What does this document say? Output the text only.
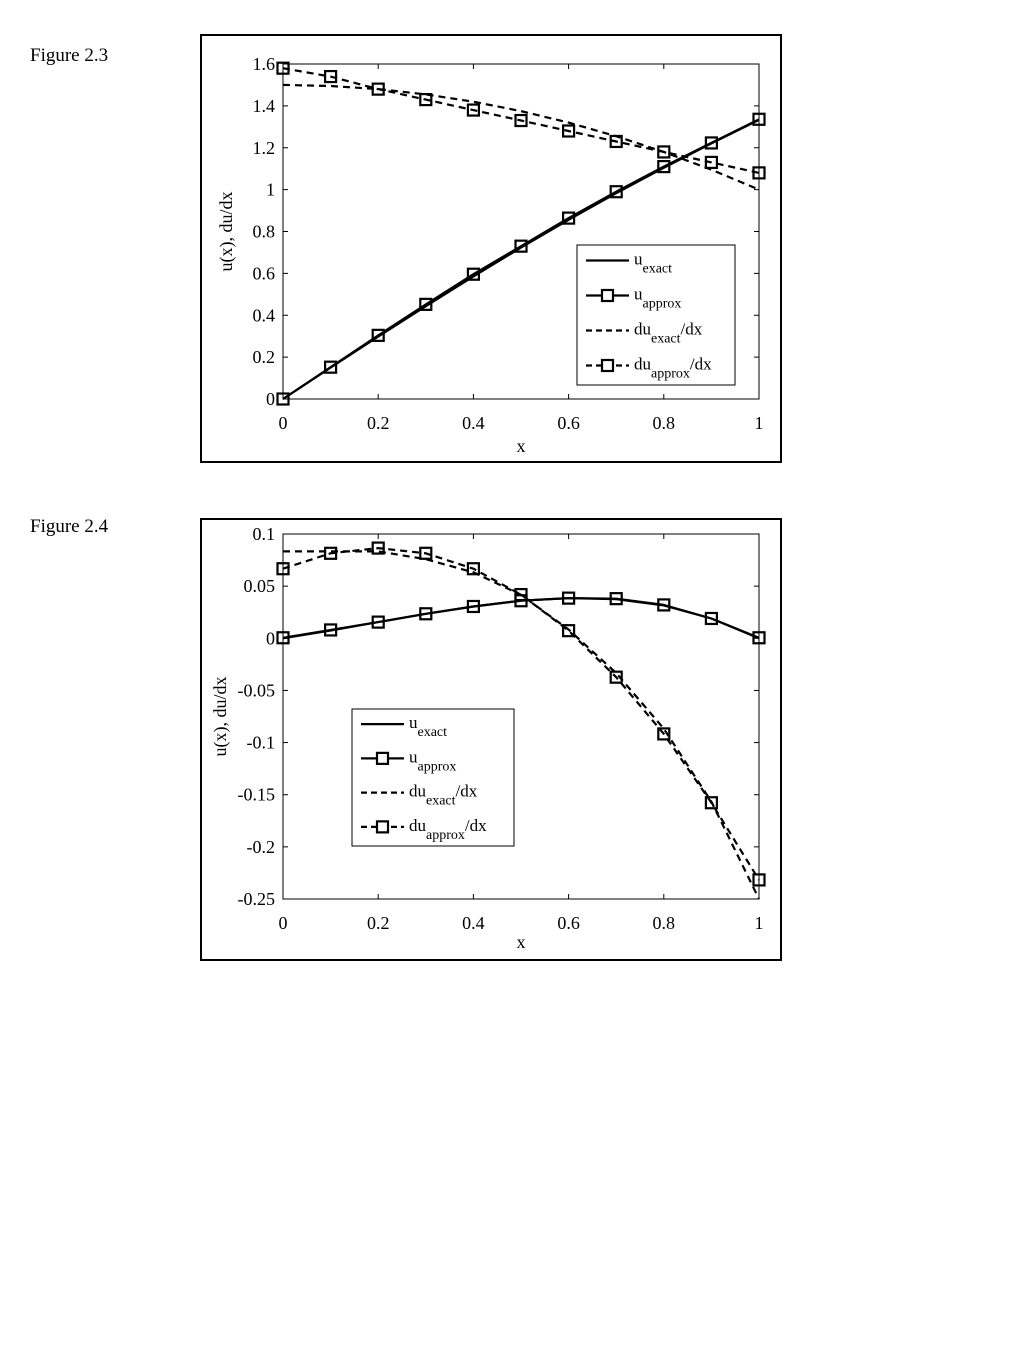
Figure 2.3
Figure 2.4
0	0.2	0.4	0.6	0.8	1
0
0.2
0.4
0.6
0.8
1
1.2
1.4
1.6
x
u(x), du/dx	$u_{exact}$
$u_{approx}$
$du_{exact}/dx$
$du_{approx}/dx$
0	0.2	0.4	0.6	0.8	1
-0.25
-0.2
-0.15
-0.1
-0.05
0
0.05
0.1
x
u(x), du/dx	$u_{exact}$
$u_{approx}$
$du_{exact}/dx$
$du_{approx}/dx$
